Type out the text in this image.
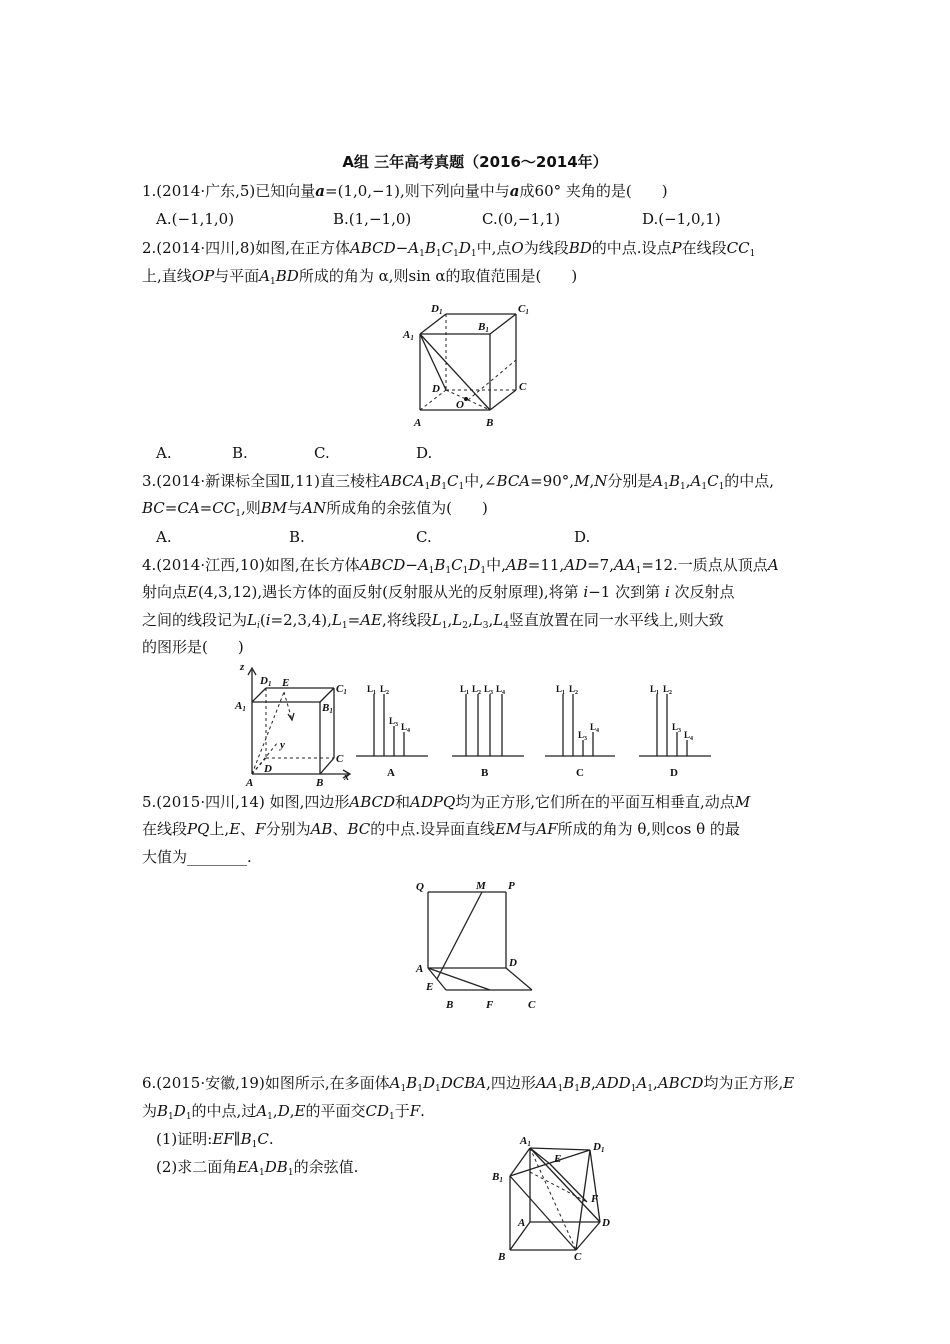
A组 三年高考真题（2016～2014年）
1.(2014·广东,5)已知向量a=(1,0,−1),则下列向量中与a成60° 夹角的是(　　)
A.(−1,1,0)	B.(1,−1,0)	C.(0,−1,1)	D.(−1,0,1)
2.(2014·四川,8)如图,在正方体$ABCD-A_1B_1C_1D_1$中,点O为线段BD的中点.设点P在线段$CC_1$
上,直线OP与平面$A_1BD$所成的角为 α,则sin α的取值范围是(　　)
D1	C1
A1
B1
D	C
O
A	B
A.	B.	C.	D.
3.(2014·新课标全国Ⅱ,11)直三棱柱$ABCA_1B_1C_1$中,∠BCA=90°,M,N分别是$A_1B_1,A_1C_1$的中点,
$BC=CA=CC_1$,则BM与AN所成角的余弦值为(　　)
A.	B.	C.	D.
4.(2014·江西,10)如图,在长方体$ABCD-A_1B_1C_1D_1$中$,AB=11,AD=7,AA_1=12$.一质点从顶点A
射向点E(4,3,12),遇长方体的面反射(反射服从光的反射原理),将第 i−1 次到第 i 次反射点
之间的线段记为$L_i(i=2,3,4),L_1=AE$,将线段$L_1,L_2,L_3,L_4$竖直放置在同一水平线上,则大致
的图形是(　　)
z
D1 E	C1
A1	B1
y
D
C
A	B x
$L_1$ $L_2$
$L_3$ $L_4$
A
$L_1$ $L_2$ $L_3$ $L_4$
B
$L_1$ $L_2$
$L_3$
$L_4$
C
$L_1$ $L_2$
$L_3$ $L_4$
D
5.(2015·四川,14) 如图,四边形ABCD和ADPQ均为正方形,它们所在的平面互相垂直,动点M
在线段PQ上,E、F分别为AB、BC的中点.设异面直线EM与AF所成的角为 θ,则cos θ 的最
大值为________.
Q	M P
A	D
E
B	F	C
6.(2015·安徽,19)如图所示,在多面体$A_1B_1D_1DCBA$,四边形$AA_1B_1B,ADD_1A_1,ABCD$均为正方形,E
为$B_1D_1$的中点,过$A_1,D,E$的平面交$CD_1$于F.
(1)证明$:EF\parallel B_1C$.
(2)求二面角$EA_1DB_1$的余弦值.
A1
E
D1
B1
F
A	D
B	C
